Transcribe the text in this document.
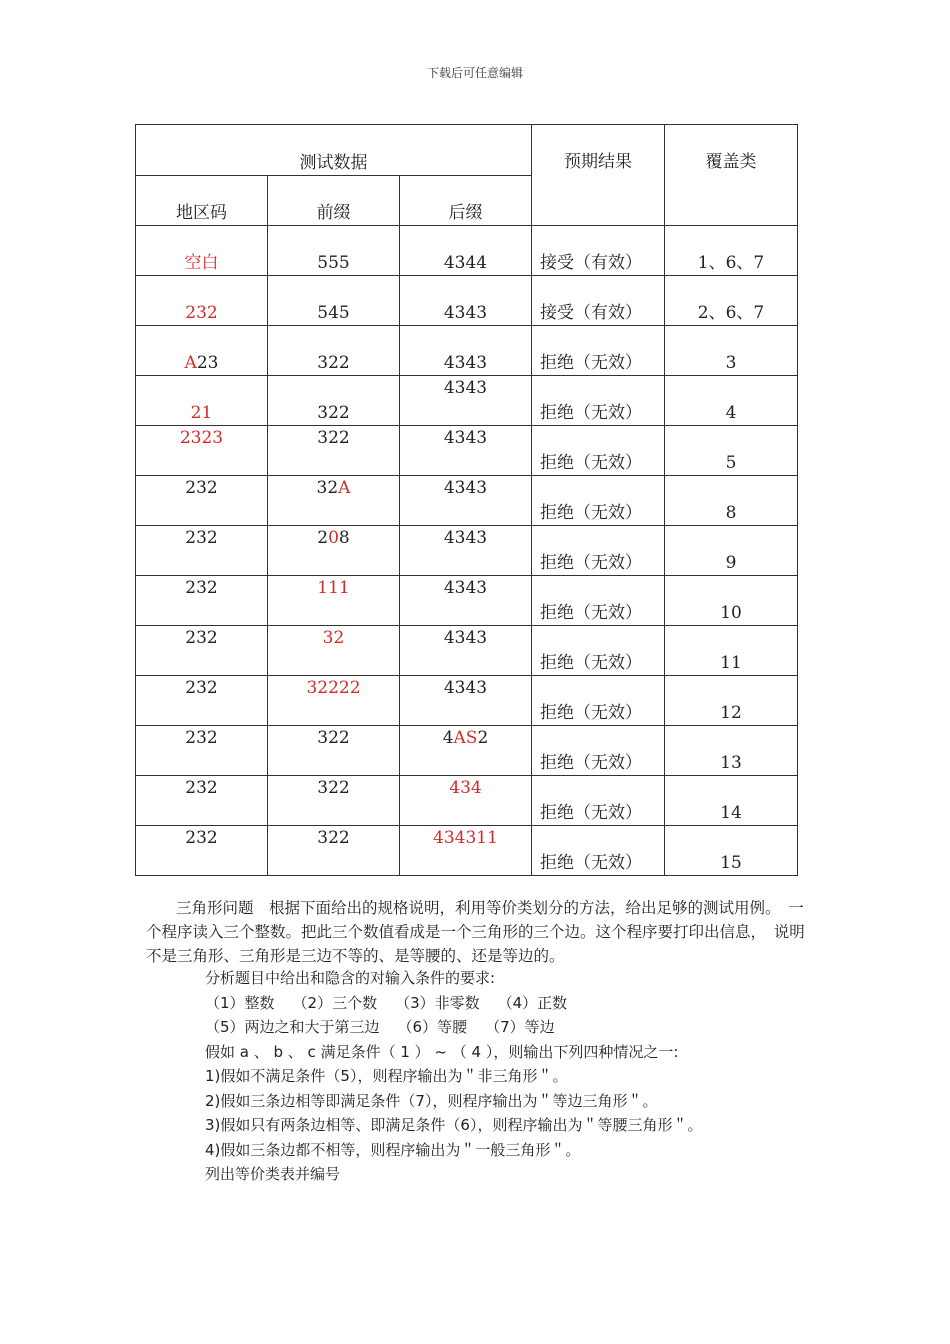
下载后可任意编辑
测试数据			预期结果	覆盖类
地区码	前缀	后缀		
空白	555	4344	接受（有效）	1、6、7
232	545	4343	接受（有效）	2、6、7
A23	322	4343	拒绝（无效）	3
21	322	4343	拒绝（无效）	4
2323	322	4343	拒绝（无效）	5
232	32A	4343	拒绝（无效）	8
232	208	4343	拒绝（无效）	9
232	111	4343	拒绝（无效）	10
232	32	4343	拒绝（无效）	11
232	32222	4343	拒绝（无效）	12
232	322	4AS2	拒绝（无效）	13
232	322	434	拒绝（无效）	14
232	322	434311	拒绝（无效）	15

三角形问题　根据下面给出的规格说明，利用等价类划分的方法，给出足够的测试用例。　一个程序读入三个整数。把此三个数值看成是一个三角形的三个边。这个程序要打印出信息，　说明不是三角形、三角形是三边不等的、是等腰的、还是等边的。

分析题目中给出和隐含的对输入条件的要求:
（1）整数 （2）三个数 （3）非零数 （4）正数
（5）两边之和大于第三边 （6）等腰 （7）等边
假如 a 、 b 、 c 满足条件（ 1 ） ~ （ 4 ），则输出下列四种情况之一:
1)假如不满足条件（5），则程序输出为＂非三角形＂。
2)假如三条边相等即满足条件（7），则程序输出为＂等边三角形＂。
3)假如只有两条边相等、即满足条件（6），则程序输出为＂等腰三角形＂。
4)假如三条边都不相等，则程序输出为＂一般三角形＂。
列出等价类表并编号
